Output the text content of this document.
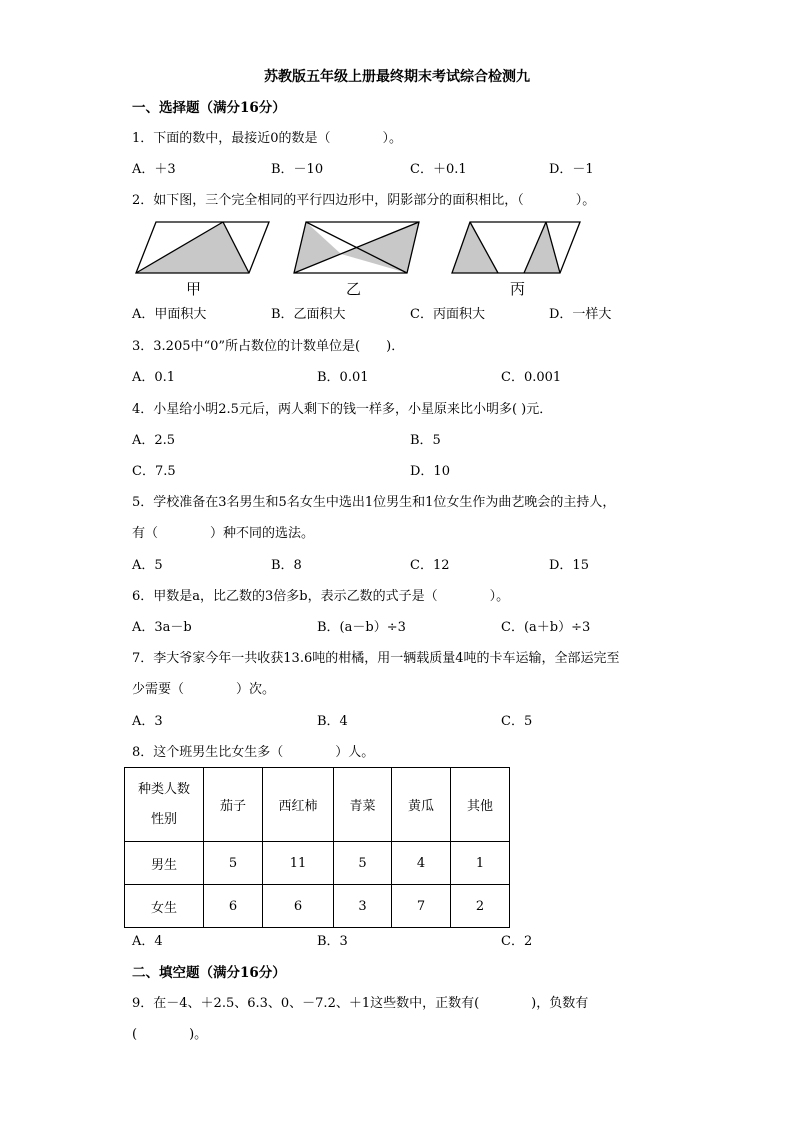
苏教版五年级上册最终期末考试综合检测九
一、选择题（满分16分）
1．下面的数中，最接近0的数是（　　　　）。
A．＋3	B．－10	C．＋0.1	D．－1
2．如下图，三个完全相同的平行四边形中，阴影部分的面积相比，（　　　　）。
甲	乙	丙
A．甲面积大	B．乙面积大	C．丙面积大	D．一样大
3．3.205中“0”所占数位的计数单位是(　　)．
A．0.1	B．0.01	C．0.001
4．小星给小明2.5元后，两人剩下的钱一样多，小星原来比小明多( )元．
A．2.5	B．5
C．7.5	D．10
5．学校准备在3名男生和5名女生中选出1位男生和1位女生作为曲艺晚会的主持人，
有（　　　　）种不同的选法。
A．5	B．8	C．12	D．15
6．甲数是a，比乙数的3倍多b，表示乙数的式子是（　　　　）。
A．3a－b	B．(a－b）÷3	C．(a＋b）÷3
7．李大爷家今年一共收获13.6吨的柑橘，用一辆载质量4吨的卡车运输，全部运完至
少需要（　　　　）次。
A．3	B．4	C．5
8．这个班男生比女生多（　　　　）人。
种类人数
性别	茄子	西红柿	青菜	黄瓜	其他
男生	5	11	5	4	1
女生	6	6	3	7	2
A．4	B．3	C．2
二、填空题（满分16分）
9．在－4、＋2.5、6.3、0、－7.2、＋1这些数中，正数有(　　　　)，负数有
(　　　　)。
